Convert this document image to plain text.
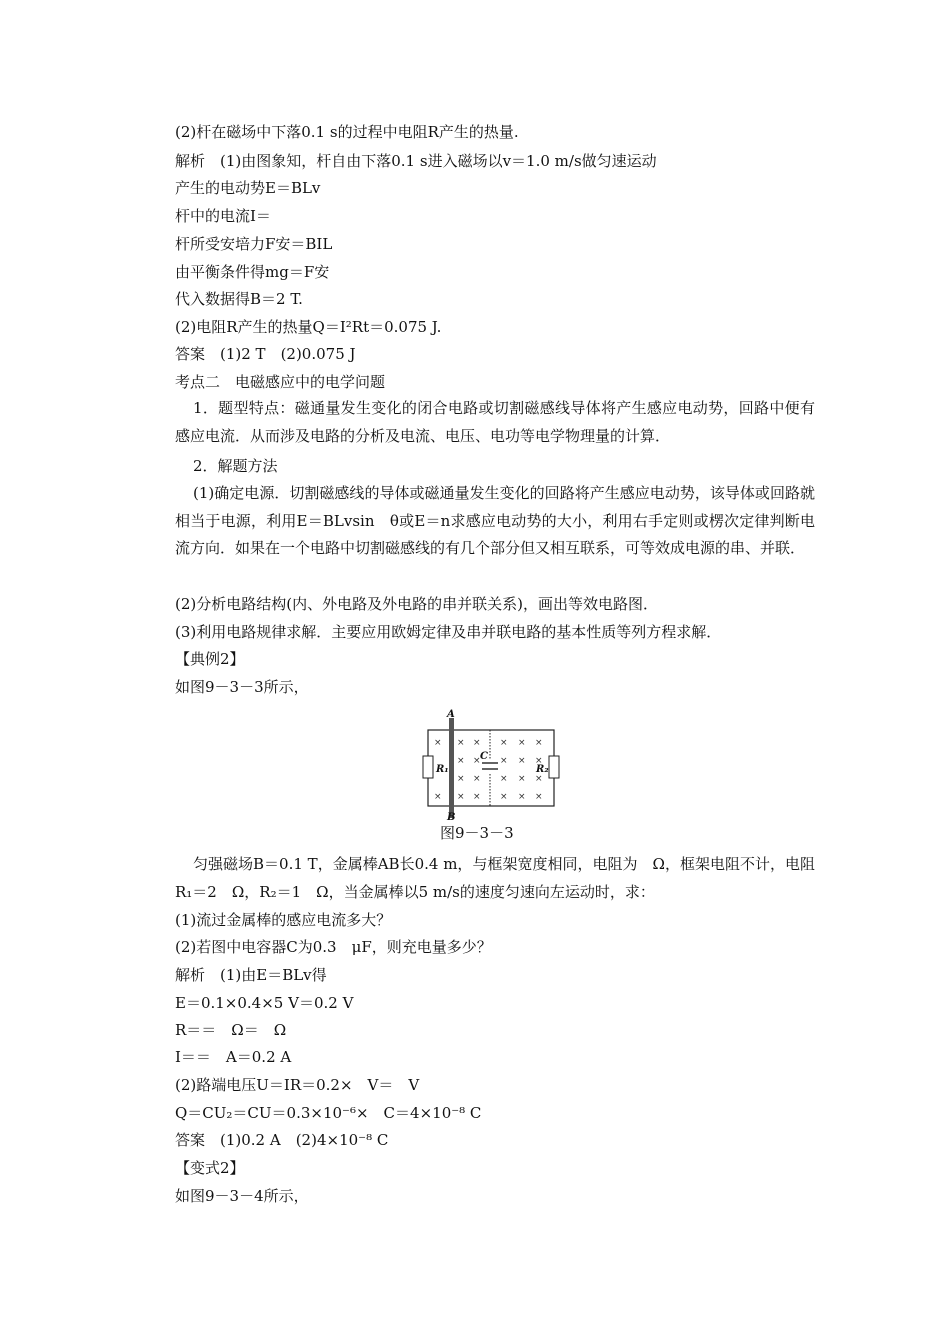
(2)杆在磁场中下落0.1 s的过程中电阻R产生的热量.
解析　(1)由图象知，杆自由下落0.1 s进入磁场以v＝1.0 m/s做匀速运动
产生的电动势E＝BLv
杆中的电流I＝
杆所受安培力F安＝BIL
由平衡条件得mg＝F安
代入数据得B＝2 T.
(2)电阻R产生的热量Q＝I²Rt＝0.075 J.
答案　(1)2 T　(2)0.075 J
考点二　电磁感应中的电学问题
1．题型特点：磁通量发生变化的闭合电路或切割磁感线导体将产生感应电动势，回路中便有感应电流．从而涉及电路的分析及电流、电压、电功等电学物理量的计算．
2．解题方法
(1)确定电源．切割磁感线的导体或磁通量发生变化的回路将产生感应电动势，该导体或回路就相当于电源，利用E＝BLvsin　θ或E＝n求感应电动势的大小，利用右手定则或楞次定律判断电流方向．如果在一个电路中切割磁感线的有几个部分但又相互联系，可等效成电源的串、并联．
(2)分析电路结构(内、外电路及外电路的串并联关系)，画出等效电路图．
(3)利用电路规律求解．主要应用欧姆定律及串并联电路的基本性质等列方程求解．
【典例2】
如图9－3－3所示，
×
×
×
×
×
×
×
×
×
×
×
×
×
×
×
×
×
×
×
×
×
×
A
B
C
R₁	R₂
图9－3－3
匀强磁场B＝0.1 T，金属棒AB长0.4 m，与框架宽度相同，电阻为　Ω，框架电阻不计，电阻R₁＝2　Ω，R₂＝1　Ω，当金属棒以5 m/s的速度匀速向左运动时，求：
(1)流过金属棒的感应电流多大？
(2)若图中电容器C为0.3　μF，则充电量多少？
解析　(1)由E＝BLv得
E＝0.1×0.4×5 V＝0.2 V
R＝＝　Ω＝　Ω
I＝＝　A＝0.2 A
(2)路端电压U＝IR＝0.2×　V＝　V
Q＝CU₂＝CU＝0.3×10⁻⁶×　C＝4×10⁻⁸ C
答案　(1)0.2 A　(2)4×10⁻⁸ C
【变式2】
如图9－3－4所示，
